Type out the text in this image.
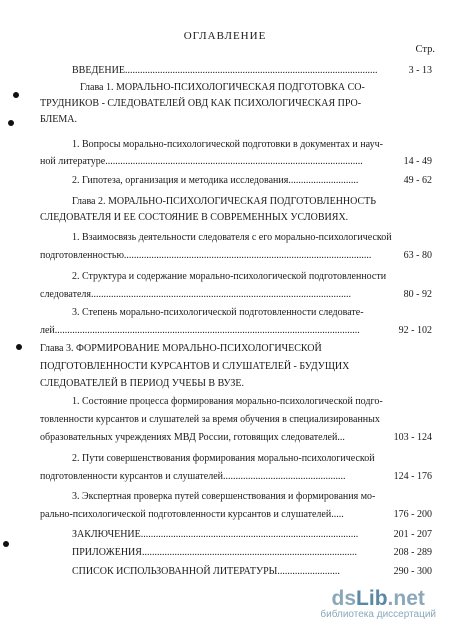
ОГЛАВЛЕНИЕ
Стр.
ВВЕДЕНИЕ.....................................................................................................	3 - 13
Глава 1. МОРАЛЬНО-ПСИХОЛОГИЧЕСКАЯ ПОДГОТОВКА СО-
ТРУДНИКОВ - СЛЕДОВАТЕЛЕЙ ОВД КАК ПСИХОЛОГИЧЕСКАЯ ПРО-
БЛЕМА.
1. Вопросы морально-психологической подготовки в документах и науч-
ной литературе.......................................................................................................	14 - 49
2. Гипотеза, организация и методика исследования............................	49 - 62
Глава 2. МОРАЛЬНО-ПСИХОЛОГИЧЕСКАЯ ПОДГОТОВЛЕННОСТЬ
СЛЕДОВАТЕЛЯ И ЕЕ СОСТОЯНИЕ В СОВРЕМЕННЫХ УСЛОВИЯХ.
1. Взаимосвязь деятельности следователя с его морально-психологической
подготовленностью...................................................................................................	63 - 80
2. Структура и содержание морально-психологической подготовленности
следователя........................................................................................................	80 - 92
3. Степень морально-психологической подготовленности следовате-
лей..........................................................................................................................	92 - 102
Глава 3. ФОРМИРОВАНИЕ МОРАЛЬНО-ПСИХОЛОГИЧЕСКОЙ
ПОДГОТОВЛЕННОСТИ КУРСАНТОВ И СЛУШАТЕЛЕЙ - БУДУЩИХ
СЛЕДОВАТЕЛЕЙ В ПЕРИОД УЧЕБЫ В ВУЗЕ.
1. Состояние процесса формирования морально-психологической подго-
товленности курсантов и слушателей за время обучения в специализированных
образовательных учреждениях МВД России, готовящих следователей...	103 - 124
2. Пути совершенствования формирования морально-психологической
подготовленности курсантов и слушателей.................................................	124 - 176
3. Экспертная проверка путей совершенствования и формирования мо-
рально-психологической подготовленности курсантов и слушателей.....	176 - 200
ЗАКЛЮЧЕНИЕ.......................................................................................	201 - 207
ПРИЛОЖЕНИЯ......................................................................................	208 - 289
СПИСОК ИСПОЛЬЗОВАННОЙ ЛИТЕРАТУРЫ.........................	290 - 300
dsLib.net
библиотека диссертаций
